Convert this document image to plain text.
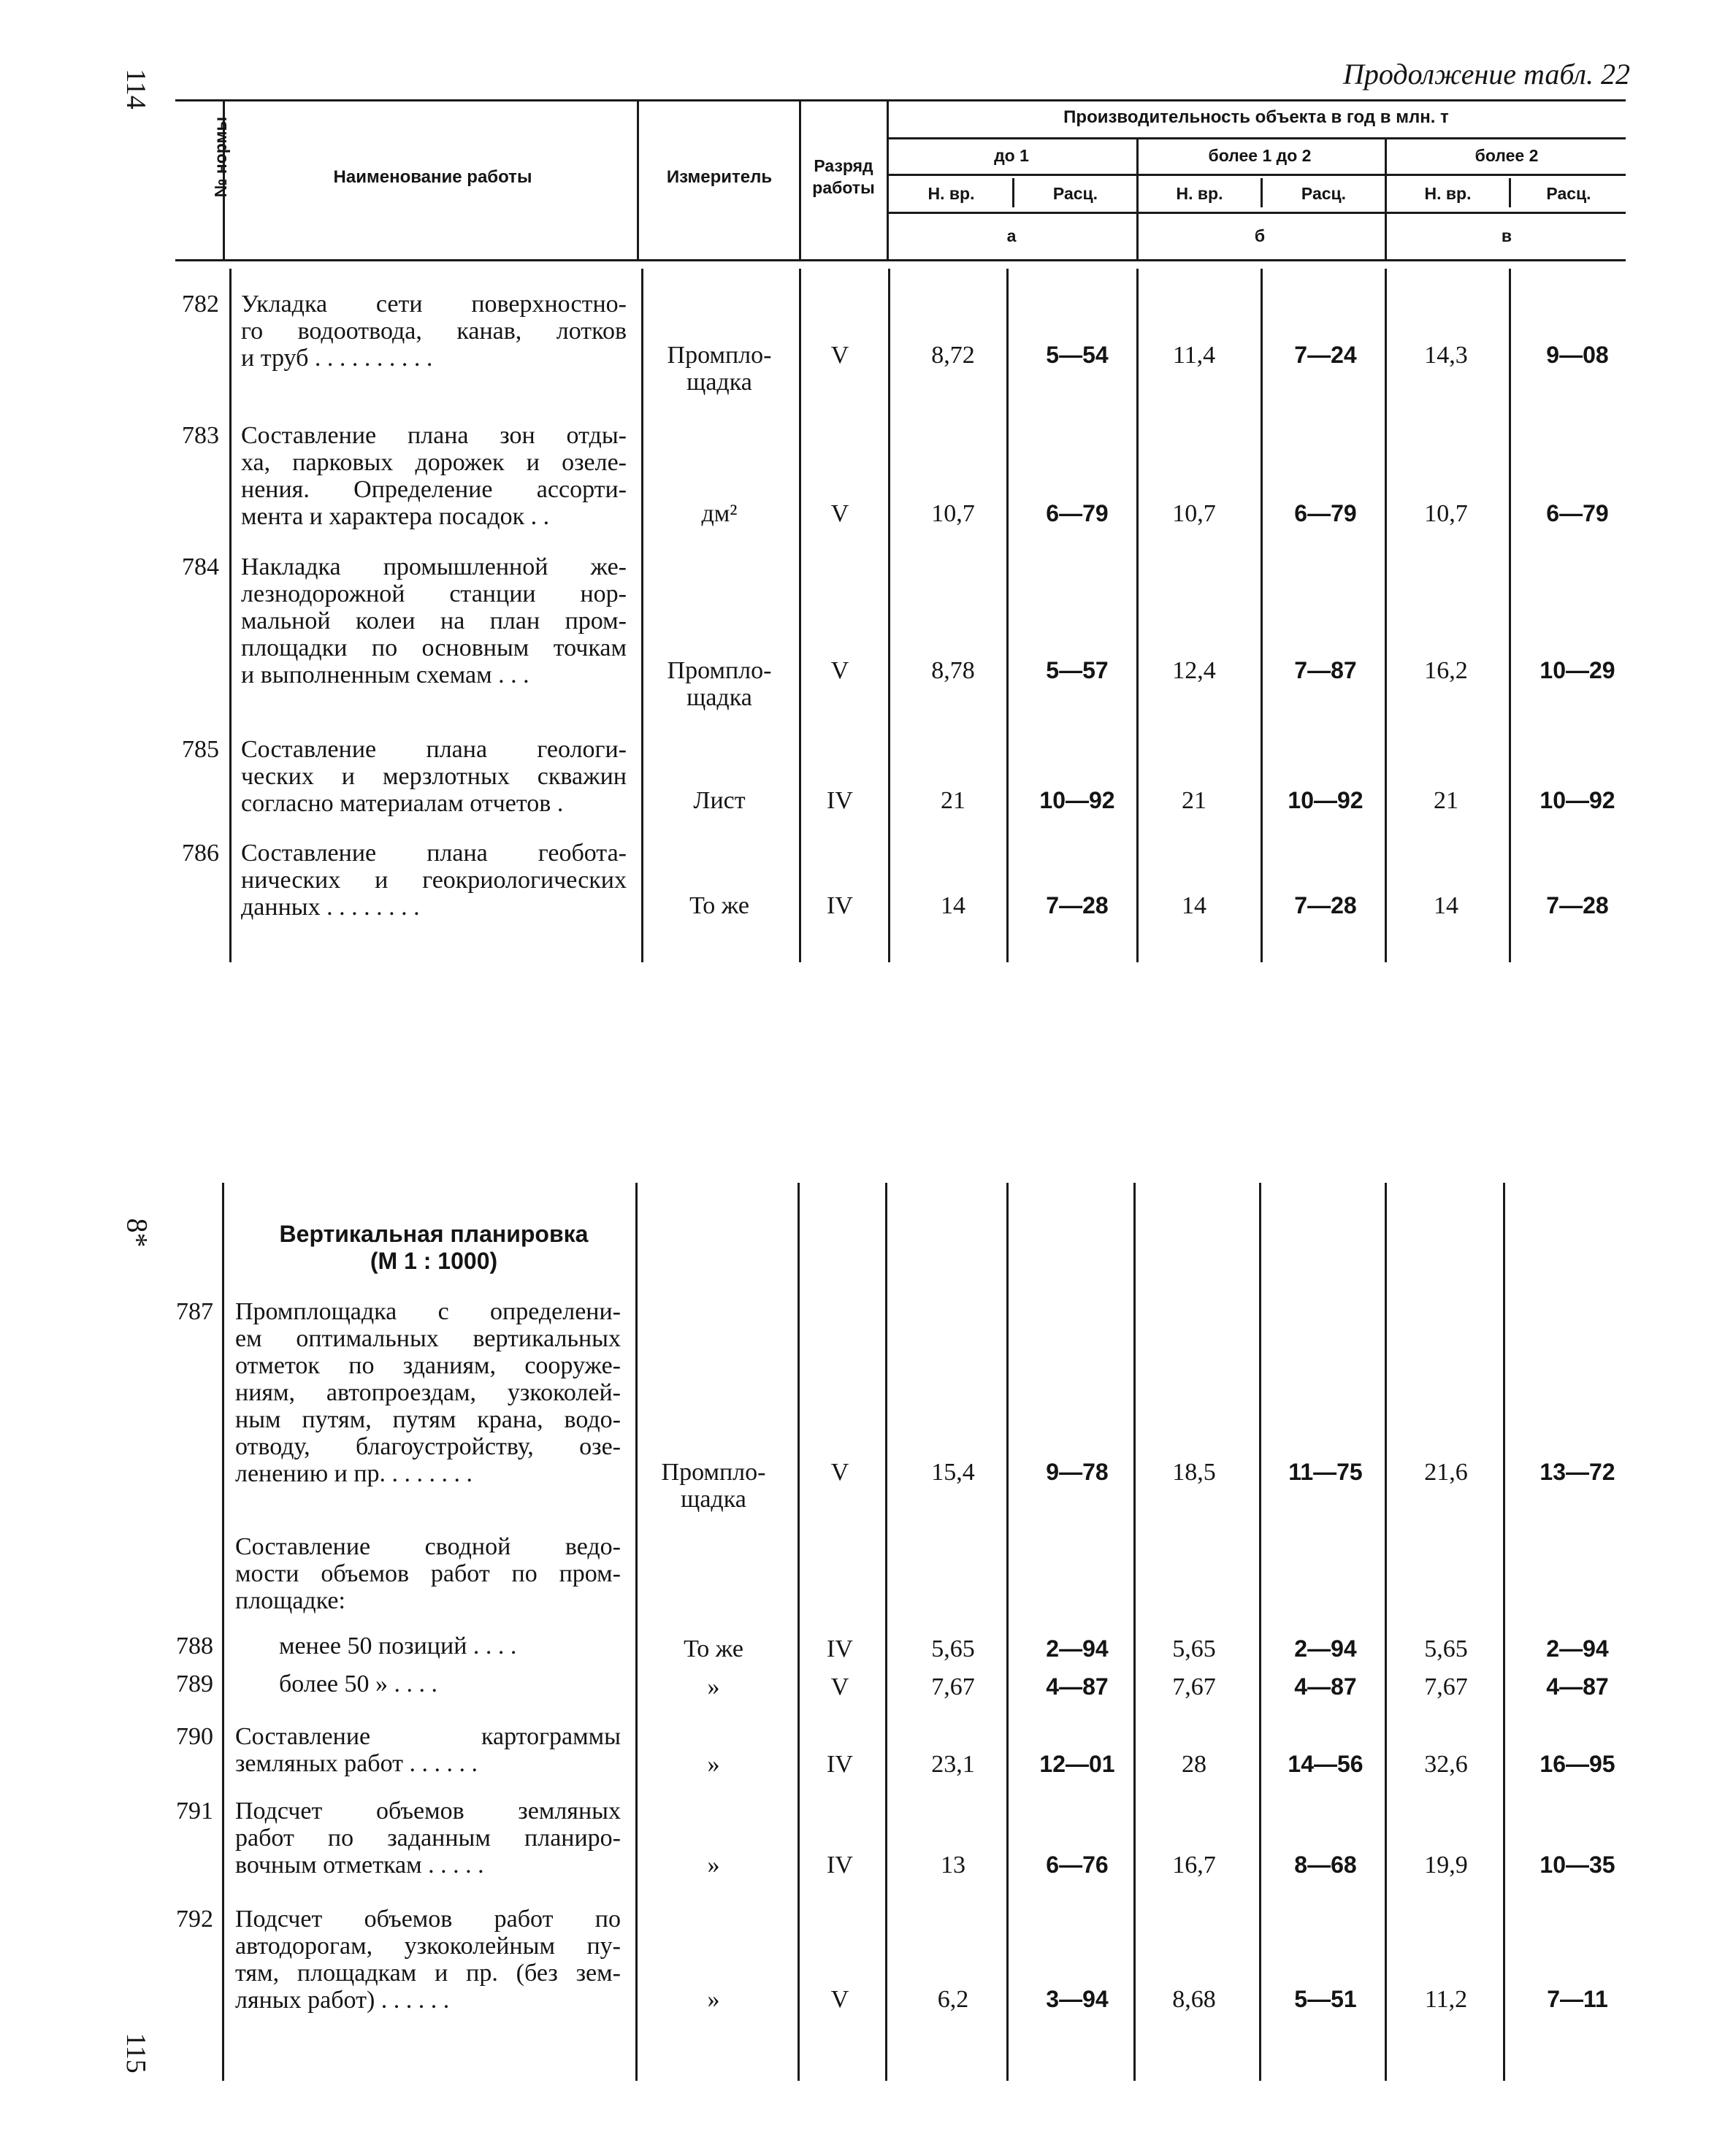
114
8*
115
Продолжение табл. 22
№ нормы	Наименование работы	Измеритель
Разряд работы
Производительность объекта в год в млн. т
до 1	более 1 до 2	более 2
Н. вр.	Расц.	Н. вр.	Расц.	Н. вр.	Расц.
а	б	в
782 Укладка сети поверхностно-
го водоотвода, канав, лотков
и труб . . . . . . . . . .	Промпло-
щадка
V	8,72	5—54	11,4	7—24	14,3	9—08
783 Составление плана зон отды-
ха, парковых дорожек и озеле-
нения. Определение ассорти-
мента и характера посадок . .	дм²	V	10,7	6—79	10,7	6—79	10,7	6—79
784 Накладка промышленной же-
лезнодорожной станции нор-
мальной колеи на план пром-
площадки по основным точкам
и выполненным схемам . . .	Промпло-
щадка
V	8,78	5—57	12,4	7—87	16,2	10—29
785 Составление плана геологи-
ческих и мерзлотных скважин
согласно материалам отчетов .	Лист	IV	21	10—92	21	10—92	21	10—92
786 Составление плана геобота-
нических и геокриологических
данных . . . . . . . .	То же	IV	14	7—28	14	7—28	14	7—28
Вертикальная планировка
(М 1 : 1000)
787 Промплощадка с определени-
ем оптимальных вертикальных
отметок по зданиям, сооруже-
ниям, автопроездам, узкоколей-
ным путям, путям крана, водо-
отводу, благоустройству, озе-
ленению и пр. . . . . . . .	Промпло-
щадка
V	15,4	9—78	18,5	11—75	21,6	13—72
Составление сводной ведо-
мости объемов работ по пром-
площадке:
788	менее 50 позиций . . . .	То же	IV	5,65	2—94	5,65	2—94	5,65	2—94
789	более 50 » . . . .	»	V	7,67	4—87	7,67	4—87	7,67	4—87
790 Составление картограммы
земляных работ . . . . . .	»	IV	23,1	12—01	28	14—56	32,6	16—95
791 Подсчет объемов земляных
работ по заданным планиро-
вочным отметкам . . . . .	»	IV	13	6—76	16,7	8—68	19,9	10—35
792 Подсчет объемов работ по
автодорогам, узкоколейным пу-
тям, площадкам и пр. (без зем-
ляных работ) . . . . . .	»	V	6,2	3—94	8,68	5—51	11,2	7—11
